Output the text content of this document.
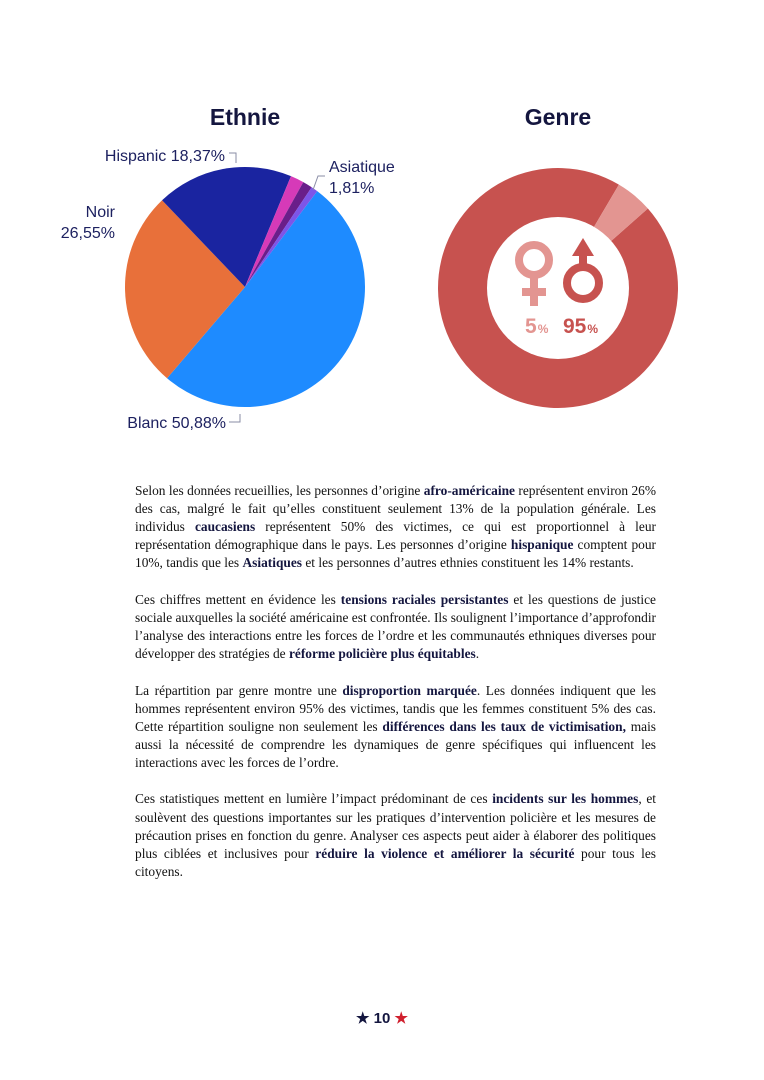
Ethnie	Genre
Hispanic 18,37%
Asiatique
1,81%
Noir
26,55%
Blanc 50,88%
5% 95%

Selon les données recueillies, les personnes d’origine afro-américaine représentent environ 26% des cas, malgré le fait qu’elles constituent seulement 13% de la population générale. Les individus caucasiens représentent 50% des victimes, ce qui est proportionnel à leur représentation démographique dans le pays. Les personnes d’origine hispanique comptent pour 10%, tandis que les Asiatiques et les personnes d’autres ethnies constituent les 14% restants.

Ces chiffres mettent en évidence les tensions raciales persistantes et les questions de justice sociale auxquelles la société américaine est confrontée. Ils soulignent l’importance d’approfondir l’analyse des interactions entre les forces de l’ordre et les communautés ethniques diverses pour développer des stratégies de réforme policière plus équitables.

La répartition par genre montre une disproportion marquée. Les données indiquent que les hommes représentent environ 95% des victimes, tandis que les femmes constituent 5% des cas. Cette répartition souligne non seulement les différences dans les taux de victimisation, mais aussi la nécessité de comprendre les dynamiques de genre spécifiques qui influencent les interactions avec les forces de l’ordre.

Ces statistiques mettent en lumière l’impact prédominant de ces incidents sur les hommes, et soulèvent des questions importantes sur les pratiques d’intervention policière et les mesures de précaution prises en fonction du genre. Analyser ces aspects peut aider à élaborer des politiques plus ciblées et inclusives pour réduire la violence et améliorer la sécurité pour tous les citoyens.

★ 10 ★
